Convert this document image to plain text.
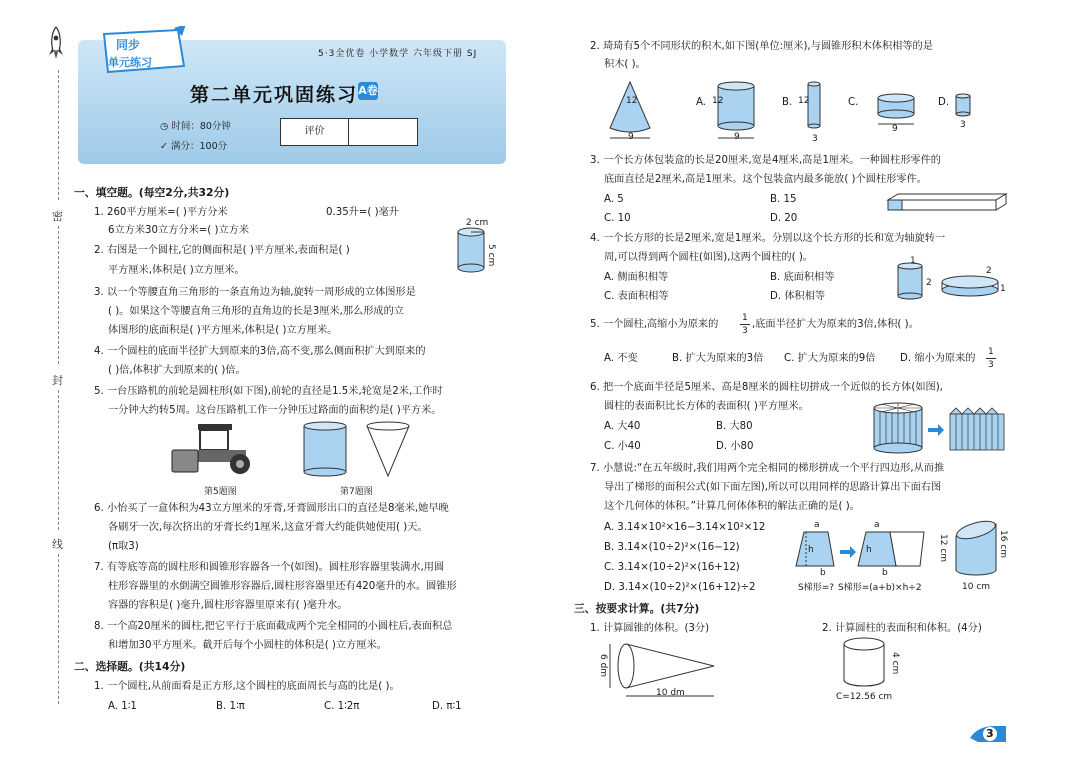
密
封
线
同步
单元练习
5·3全优卷 小学数学 六年级下册 SJ
第二单元巩固练习 A卷
◷ 时间：80分钟
✓ 满分：100分
评价
一、填空题。(每空2分,共32分)
1. 260平方厘米=( )平方分米	0.35升=( )毫升
6立方米30立方分米=( )立方米
2. 右图是一个圆柱,它的侧面积是( )平方厘米,表面积是( )
平方厘米,体积是( )立方厘米。
2 cm
5 cm
3. 以一个等腰直角三角形的一条直角边为轴,旋转一周形成的立体图形是
( )。如果这个等腰直角三角形的直角边的长是3厘米,那么形成的立
体图形的底面积是( )平方厘米,体积是( )立方厘米。
4. 一个圆柱的底面半径扩大到原来的3倍,高不变,那么侧面积扩大到原来的
( )倍,体积扩大到原来的( )倍。
5. 一台压路机的前轮是圆柱形(如下图),前轮的直径是1.5米,轮宽是2米,工作时
一分钟大约转5周。这台压路机工作一分钟压过路面的面积约是( )平方米。
第5题图	第7题图
6. 小怡买了一盒体积为43立方厘米的牙膏,牙膏圆形出口的直径是8毫米,她早晚
各刷牙一次,每次挤出的牙膏长约1厘米,这盒牙膏大约能供她使用( )天。
(π取3)
7. 有等底等高的圆柱形和圆锥形容器各一个(如图)。圆柱形容器里装满水,用圆
柱形容器里的水倒满空圆锥形容器后,圆柱形容器里还有420毫升的水。圆锥形
容器的容积是( )毫升,圆柱形容器里原来有( )毫升水。
8. 一个高20厘米的圆柱,把它平行于底面截成两个完全相同的小圆柱后,表面积总
和增加30平方厘米。截开后每个小圆柱的体积是( )立方厘米。
二、选择题。(共14分)
1. 一个圆柱,从前面看是正方形,这个圆柱的底面周长与高的比是( )。
A. 1∶1	B. 1∶π	C. 1∶2π	D. π∶1
2. 琦琦有5个不同形状的积木,如下图(单位:厘米),与圆锥形积木体积相等的是
积木( )。
12
9
A. 12
9
B. 12
3
C.
9
D.
3
3. 一个长方体包装盒的长是20厘米,宽是4厘米,高是1厘米。一种圆柱形零件的
底面直径是2厘米,高是1厘米。这个包装盒内最多能放( )个圆柱形零件。
A. 5	B. 15
C. 10	D. 20
4. 一个长方形的长是2厘米,宽是1厘米。分别以这个长方形的长和宽为轴旋转一
周,可以得到两个圆柱(如图),这两个圆柱的( )。
A. 侧面积相等	B. 底面积相等
C. 表面积相等	D. 体积相等
1
2
2
1
5. 一个圆柱,高缩小为原来的
1
3
,底面半径扩大为原来的3倍,体积( )。
A. 不变	B. 扩大为原来的3倍 C. 扩大为原来的9倍 D. 缩小为原来的
1
3
6. 把一个底面半径是5厘米、高是8厘米的圆柱切拼成一个近似的长方体(如图),
圆柱的表面积比长方体的表面积( )平方厘米。
A. 大40	B. 大80
C. 小40	D. 小80
7. 小慧说:“在五年级时,我们用两个完全相同的梯形拼成一个平行四边形,从而推
导出了梯形的面积公式(如下面左图),所以可以用同样的思路计算出下面右图
这个几何体的体积。”计算几何体体积的解法正确的是( )。
A. 3.14×10²×16−3.14×10²×12
B. 3.14×(10÷2)²×(16−12)
C. 3.14×(10÷2)²×(16+12)
D. 3.14×(10÷2)²×(16+12)÷2
a
b
h
a
b
h
S梯形=? S梯形=(a+b)×h÷2
12 cm	16 cm
10 cm
三、按要求计算。(共7分)
1. 计算圆锥的体积。(3分)	2. 计算圆柱的表面积和体积。(4分)
6 dm
10 dm
4 cm
C=12.56 cm
3
